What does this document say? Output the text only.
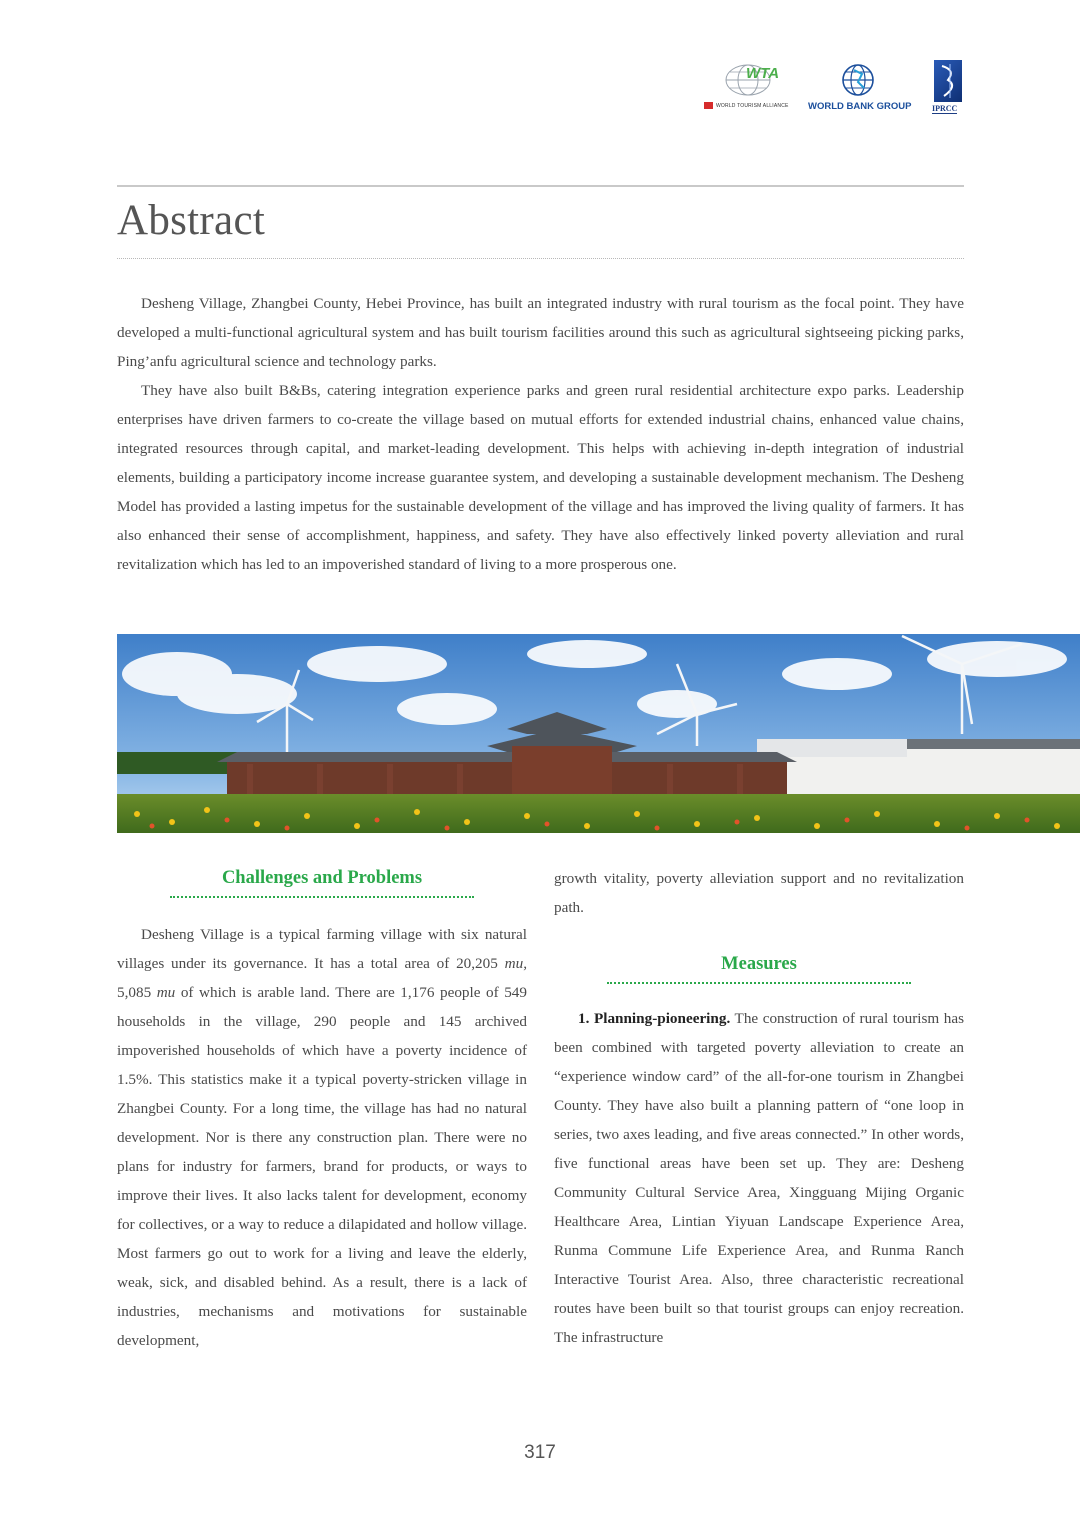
WTA
WORLD TOURISM ALLIANCE WORLD BANK GROUP	IPRCC
Abstract

Desheng Village, Zhangbei County, Hebei Province, has built an integrated industry with rural tourism as the focal point. They have developed a multi-functional agricultural system and has built tourism facilities around this such as agricultural sightseeing picking parks, Ping’anfu agricultural science and technology parks.

They have also built B&Bs, catering integration experience parks and green rural residential architecture expo parks. Leadership enterprises have driven farmers to co-create the village based on mutual efforts for extended industrial chains, enhanced value chains, integrated resources through capital, and market-leading development. This helps with achieving in-depth integration of industrial elements, building a participatory income increase guarantee system, and developing a sustainable development mechanism. The Desheng Model has provided a lasting impetus for the sustainable development of the village and has improved the living quality of farmers. It has also enhanced their sense of accomplishment, happiness, and safety. They have also effectively linked poverty alleviation and rural revitalization which has led to an impoverished standard of living to a more prosperous one.

Challenges and Problems

Desheng Village is a typical farming village with six natural villages under its governance. It has a total area of 20,205 mu, 5,085 mu of which is arable land. There are 1,176 people of 549 households in the village, 290 people and 145 archived impoverished households of which have a poverty incidence of 1.5%. This statistics make it a typical poverty-stricken village in Zhangbei County. For a long time, the village has had no natural development. Nor is there any construction plan. There were no plans for industry for farmers, brand for products, or ways to improve their lives. It also lacks talent for development, economy for collectives, or a way to reduce a dilapidated and hollow village. Most farmers go out to work for a living and leave the elderly, weak, sick, and disabled behind. As a result, there is a lack of industries, mechanisms and motivations for sustainable development,

growth vitality, poverty alleviation support and no revitalization path.

Measures

1. Planning-pioneering. The construction of rural tourism has been combined with targeted poverty alleviation to create an “experience window card” of the all-for-one tourism in Zhangbei County. They have also built a planning pattern of “one loop in series, two axes leading, and five areas connected.” In other words, five functional areas have been set up. They are: Desheng Community Cultural Service Area, Xingguang Mijing Organic Healthcare Area, Lintian Yiyuan Landscape Experience Area, Runma Commune Life Experience Area, and Runma Ranch Interactive Tourist Area. Also, three characteristic recreational routes have been built so that tourist groups can enjoy recreation. The infrastructure

317
